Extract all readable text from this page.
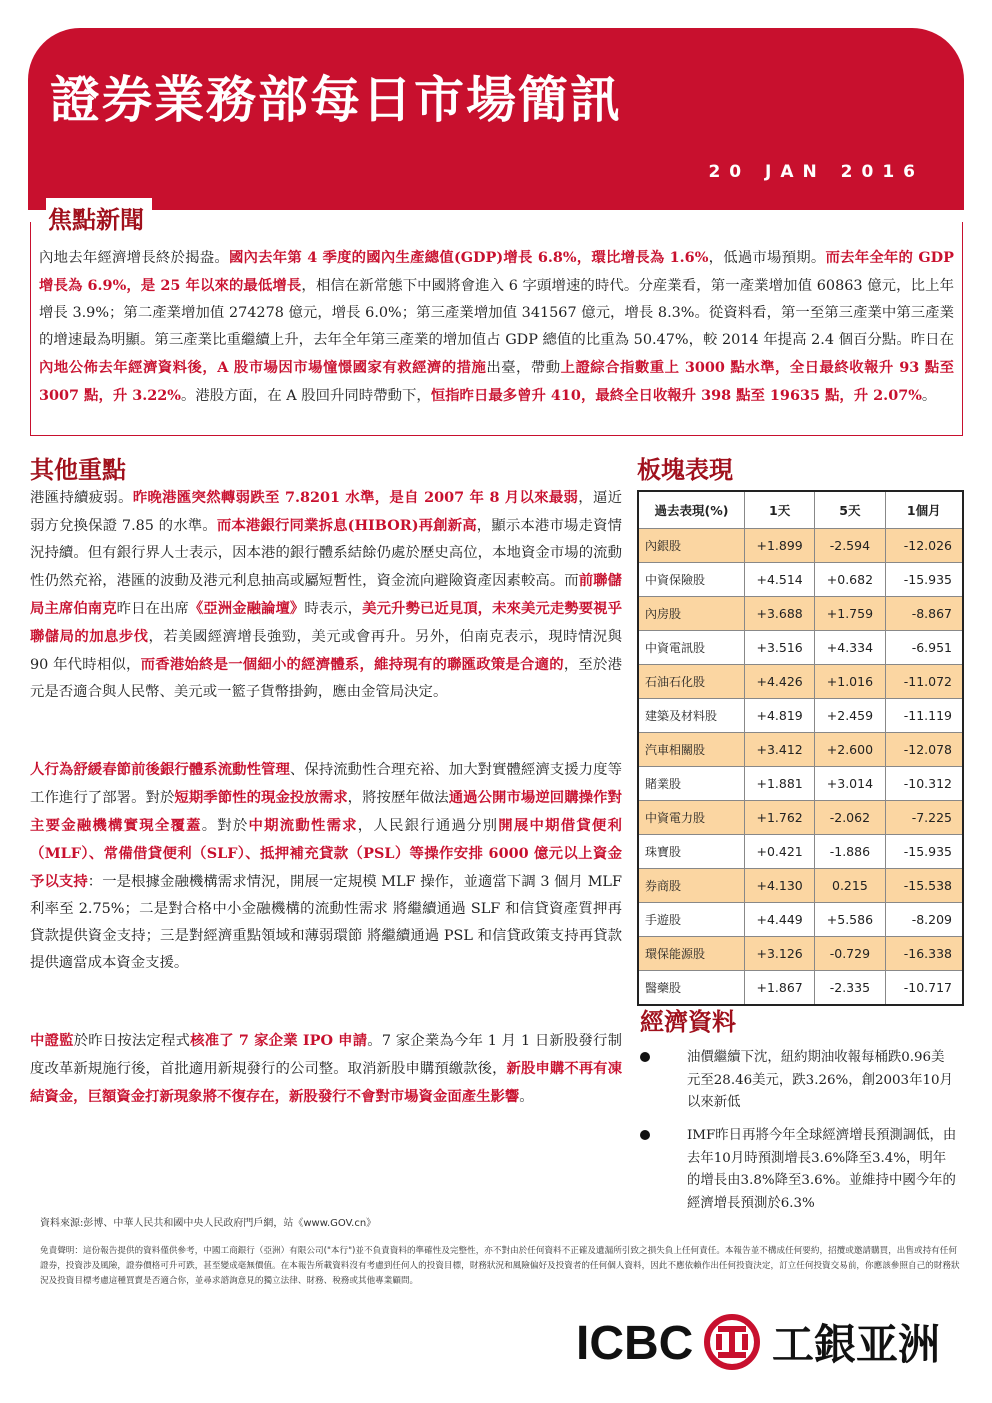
證券業務部每日市場簡訊
20 JAN 2016

內地去年經濟增長終於揭盎。國內去年第 4 季度的國內生產總值(GDP)增長 6.8%，環比增長為 1.6%，低過市場預期。而去年全年的 GDP 增長為 6.9%，是 25 年以來的最低增長，相信在新常態下中國將會進入 6 字頭增速的時代。分産業看，第一產業增加值 60863 億元，比上年增長 3.9%；第二產業增加值 274278 億元，增長 6.0%；第三產業增加值 341567 億元，增長 8.3%。從資料看，第一至第三產業中第三產業的增速最為明顯。第三產業比重繼續上升，去年全年第三產業的增加值占 GDP 總值的比重為 50.47%，較 2014 年提高 2.4 個百分點。昨日在內地公佈去年經濟資料後，A 股市場因市場憧憬國家有救經濟的措施出臺，帶動上證綜合指數重上 3000 點水準，全日最終收報升 93 點至 3007 點，升 3.22%。港股方面，在 A 股回升同時帶動下，恒指昨日最多曾升 410，最終全日收報升 398 點至 19635 點，升 2.07%。

焦點新聞
其他重點

港匯持續疲弱。昨晚港匯突然轉弱跌至 7.8201 水準，是自 2007 年 8 月以來最弱，逼近弱方兌換保證 7.85 的水準。而本港銀行同業拆息(HIBOR)再創新高，顯示本港市場走資情況持續。但有銀行界人士表示，因本港的銀行體系結餘仍處於歷史高位，本地資金市場的流動性仍然充裕，港匯的波動及港元利息抽高或屬短暫性，資金流向避險資產因素較高。而前聯儲局主席伯南克昨日在出席《亞洲金融論壇》時表示，美元升勢已近見頂，未來美元走勢要視乎聯儲局的加息步伐，若美國經濟增長強勁，美元或會再升。另外，伯南克表示，現時情況與 90 年代時相似，而香港始終是一個細小的經濟體系，維持現有的聯匯政策是合適的，至於港元是否適合與人民幣、美元或一籃子貨幣掛鉤，應由金管局決定。

人行為舒緩春節前後銀行體系流動性管理、保持流動性合理充裕、加大對實體經濟支援力度等工作進行了部署。對於短期季節性的現金投放需求，將按歷年做法通過公開市場逆回購操作對主要金融機構實現全覆蓋。對於中期流動性需求，人民銀行通過分別開展中期借貸便利（MLF）、常備借貸便利（SLF）、抵押補充貸款（PSL）等操作安排 6000 億元以上資金予以支持：一是根據金融機構需求情況，開展一定規模 MLF 操作，並適當下調 3 個月 MLF 利率至 2.75%；二是對合格中小金融機構的流動性需求 將繼續通過 SLF 和信貸資產質押再貸款提供資金支持；三是對經濟重點領域和薄弱環節 將繼續通過 PSL 和信貸政策支持再貸款提供適當成本資金支援。

中證監於昨日按法定程式核准了 7 家企業 IPO 申請。7 家企業為今年 1 月 1 日新股發行制度改革新規施行後，首批適用新規發行的公司整。取消新股申購預繳款後，新股申購不再有凍結資金，巨額資金打新現象將不復存在，新股發行不會對市場資金面產生影響。

板塊表現
過去表現(%)	1天	5天	1個月
內銀股	+1.899	-2.594	-12.026
中資保險股	+4.514	+0.682	-15.935
內房股	+3.688	+1.759	-8.867
中資電訊股	+3.516	+4.334	-6.951
石油石化股	+4.426	+1.016	-11.072
建築及材料股	+4.819	+2.459	-11.119
汽車相關股	+3.412	+2.600	-12.078
賭業股	+1.881	+3.014	-10.312
中資電力股	+1.762	-2.062	-7.225
珠寶股	+0.421	-1.886	-15.935
券商股	+4.130	0.215	-15.538
手遊股	+4.449	+5.586	-8.209
環保能源股	+3.126	-0.729	-16.338
醫藥股	+1.867	-2.335	-10.717
經濟資料
油價繼續下沈，紐約期油收報每桶跌0.96美元至28.46美元，跌3.26%，創2003年10月以來新低
IMF昨日再將今年全球經濟增長預測調低，由去年10月時預測增長3.6%降至3.4%，明年的增長由3.8%降至3.6%。並維持中國今年的經濟增長預測於6.3%
資料來源:彭博、中華人民共和國中央人民政府門戶網，站《www.GOV.cn》
免責聲明：這份報告提供的資料僅供參考，中國工商銀行（亞洲）有限公司("本行")並不負責資料的準確性及完整性，亦不對由於任何資料不正確及遺漏所引致之損失負上任何責任。本報告並不構成任何要約，招攬或邀請購買，出售或持有任何證券，投資涉及風險，證券價格可升可跌，甚至變成毫無價值。在本報告所載資料沒有考慮到任何人的投資目標，財務狀況和風險偏好及投資者的任何個人資料，因此不應依賴作出任何投資決定，訂立任何投資交易前，你應該參照自己的財務狀況及投資目標考慮這種買賣是否適合你，並尋求諮詢意見的獨立法律、財務、稅務或其他專業顧問。
ICBC 工銀亚洲
